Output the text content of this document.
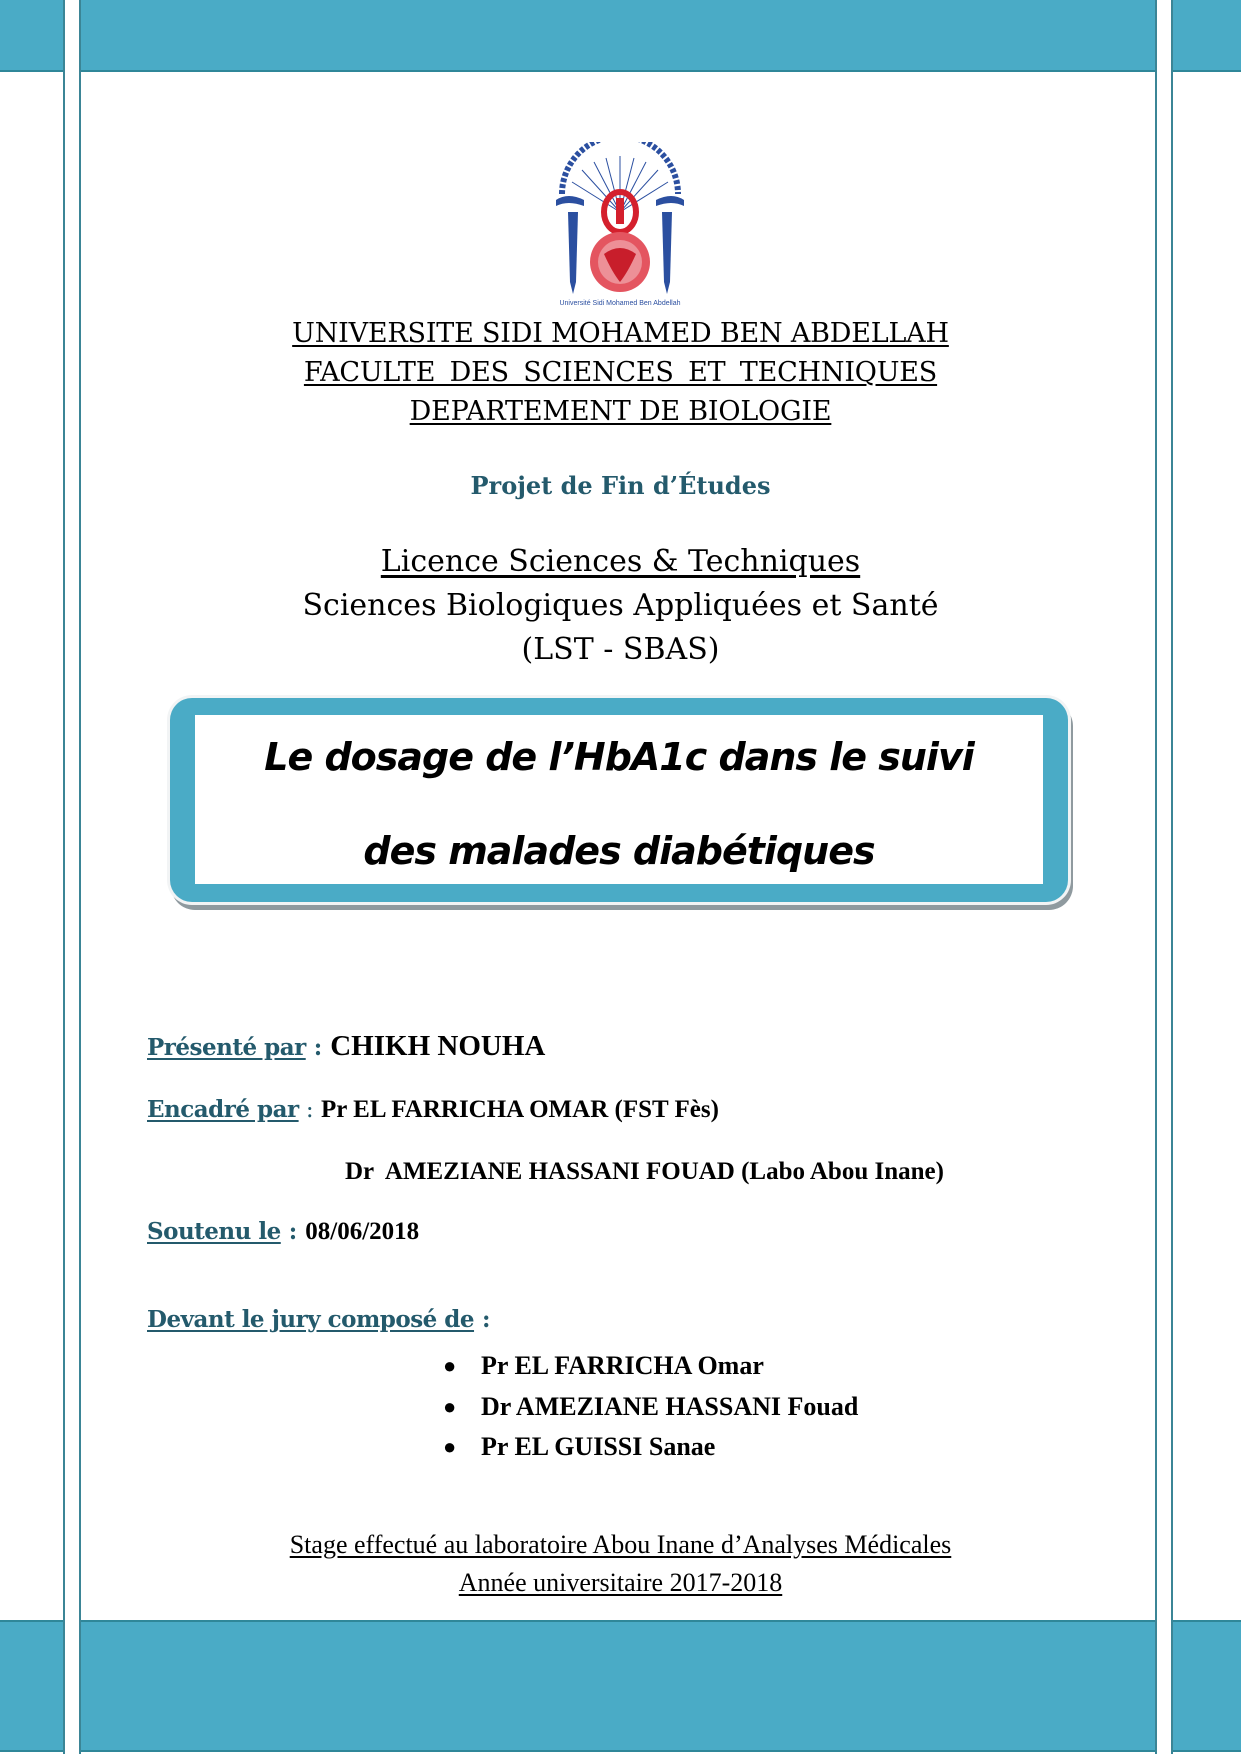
Université Sidi Mohamed Ben Abdellah
UNIVERSITE SIDI MOHAMED BEN ABDELLAH
FACULTE DES SCIENCES ET TECHNIQUES
DEPARTEMENT DE BIOLOGIE
Projet de Fin d’Études
Licence Sciences & Techniques
Sciences Biologiques Appliquées et Santé
(LST - SBAS)
Le dosage de l’HbA1c dans le suivi
des malades diabétiques
Présenté par : CHIKH NOUHA
Encadré par : Pr EL FARRICHA OMAR (FST Fès)
Dr  AMEZIANE HASSANI FOUAD (Labo Abou Inane)
Soutenu le : 08/06/2018
Devant le jury composé de :
● Pr EL FARRICHA Omar
● Dr AMEZIANE HASSANI Fouad
● Pr EL GUISSI Sanae
Stage effectué au laboratoire Abou Inane d’Analyses Médicales
Année universitaire 2017-2018
